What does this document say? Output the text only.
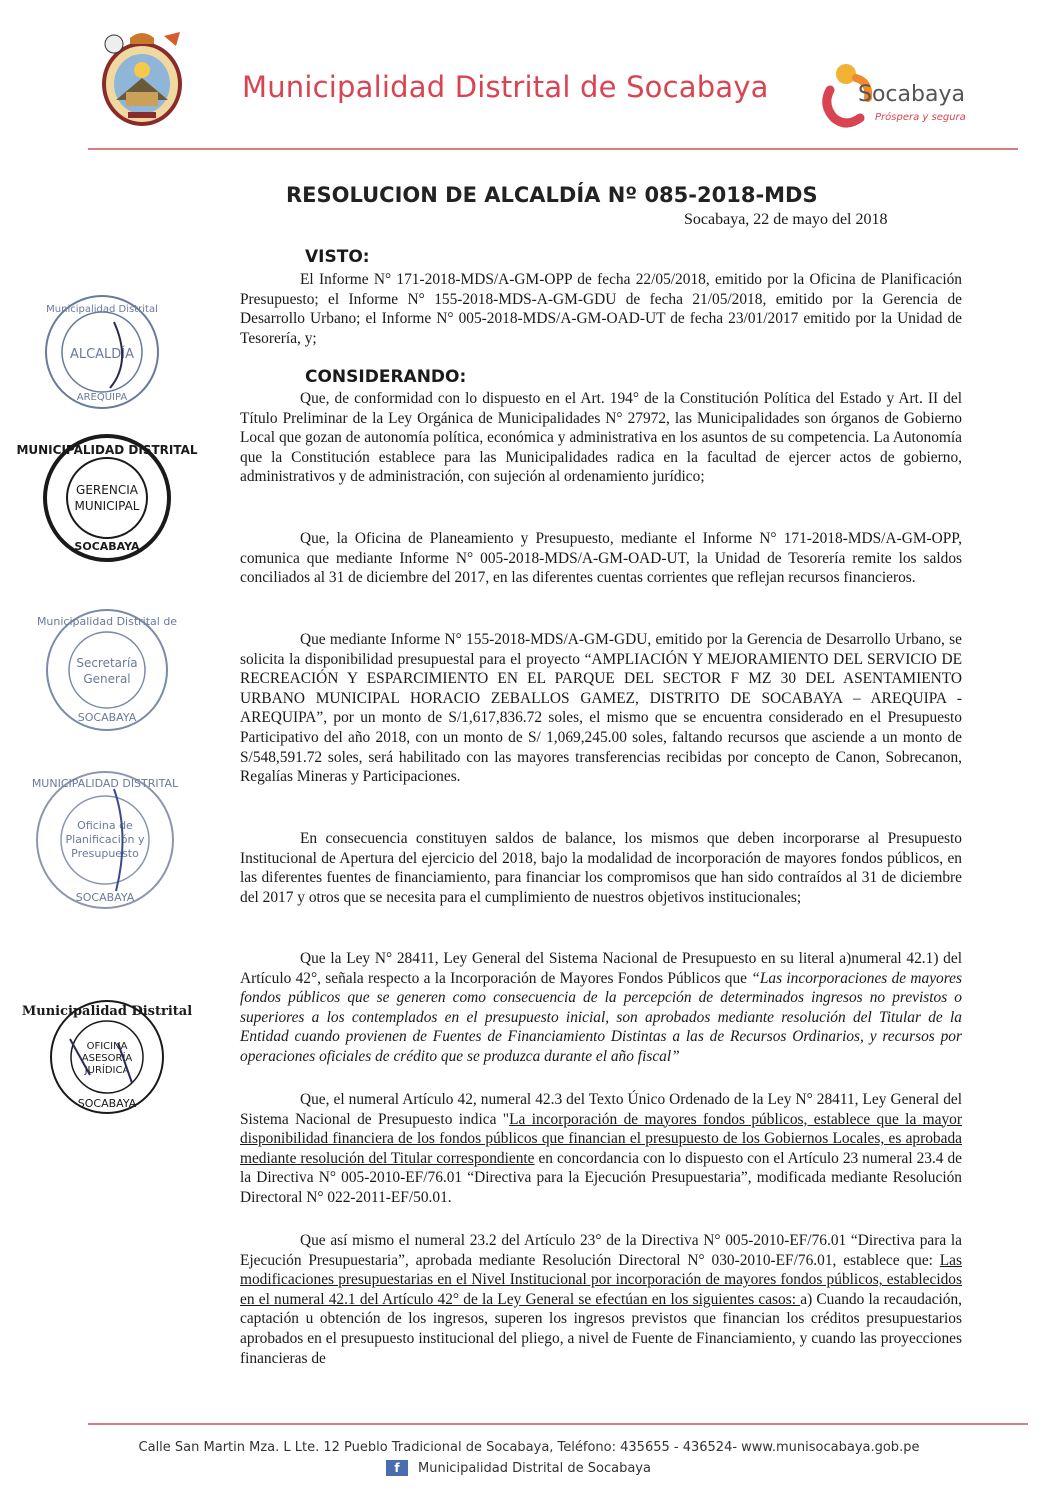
Municipalidad Distrital de Socabaya	Socabaya
Próspera y segura
RESOLUCION DE ALCALDÍA Nº 085-2018-MDS
Socabaya, 22 de mayo del 2018
VISTO:

El Informe N° 171-2018-MDS/A-GM-OPP de fecha 22/05/2018, emitido por la Oficina de Planificación Presupuesto; el Informe N° 155-2018-MDS-A-GM-GDU de fecha 21/05/2018, emitido por la Gerencia de Desarrollo Urbano; el Informe N° 005-2018-MDS/A-GM-OAD-UT de fecha 23/01/2017 emitido por la Unidad de Tesorería, y;

CONSIDERANDO:

Que, de conformidad con lo dispuesto en el Art. 194° de la Constitución Política del Estado y Art. II del Título Preliminar de la Ley Orgánica de Municipalidades N° 27972, las Municipalidades son órganos de Gobierno Local que gozan de autonomía política, económica y administrativa en los asuntos de su competencia. La Autonomía que la Constitución establece para las Municipalidades radica en la facultad de ejercer actos de gobierno, administrativos y de administración, con sujeción al ordenamiento jurídico;

Que, la Oficina de Planeamiento y Presupuesto, mediante el Informe N° 171-2018-MDS/A-GM-OPP, comunica que mediante Informe N° 005-2018-MDS/A-GM-OAD-UT, la Unidad de Tesorería remite los saldos conciliados al 31 de diciembre del 2017, en las diferentes cuentas corrientes que reflejan recursos financieros.

Que mediante Informe N° 155-2018-MDS/A-GM-GDU, emitido por la Gerencia de Desarrollo Urbano, se solicita la disponibilidad presupuestal para el proyecto “AMPLIACIÓN Y MEJORAMIENTO DEL SERVICIO DE RECREACIÓN Y ESPARCIMIENTO EN EL PARQUE DEL SECTOR F MZ 30 DEL ASENTAMIENTO URBANO MUNICIPAL HORACIO ZEBALLOS GAMEZ, DISTRITO DE SOCABAYA – AREQUIPA -AREQUIPA”, por un monto de S/1,617,836.72 soles, el mismo que se encuentra considerado en el Presupuesto Participativo del año 2018, con un monto de S/ 1,069,245.00 soles, faltando recursos que asciende a un monto de S/548,591.72 soles, será habilitado con las mayores transferencias recibidas por concepto de Canon, Sobrecanon, Regalías Mineras y Participaciones.

En consecuencia constituyen saldos de balance, los mismos que deben incorporarse al Presupuesto Institucional de Apertura del ejercicio del 2018, bajo la modalidad de incorporación de mayores fondos públicos, en las diferentes fuentes de financiamiento, para financiar los compromisos que han sido contraídos al 31 de diciembre del 2017 y otros que se necesita para el cumplimiento de nuestros objetivos institucionales;

Que la Ley N° 28411, Ley General del Sistema Nacional de Presupuesto en su literal a)numeral 42.1) del Artículo 42°, señala respecto a la Incorporación de Mayores Fondos Públicos que “Las incorporaciones de mayores fondos públicos que se generen como consecuencia de la percepción de determinados ingresos no previstos o superiores a los contemplados en el presupuesto inicial, son aprobados mediante resolución del Titular de la Entidad cuando provienen de Fuentes de Financiamiento Distintas a las de Recursos Ordinarios, y recursos por operaciones oficiales de crédito que se produzca durante el año fiscal”

Que, el numeral Artículo 42, numeral 42.3 del Texto Único Ordenado de la Ley N° 28411, Ley General del Sistema Nacional de Presupuesto indica "La incorporación de mayores fondos públicos, establece que la mayor disponibilidad financiera de los fondos públicos que financian el presupuesto de los Gobiernos Locales, es aprobada mediante resolución del Titular correspondiente en concordancia con lo dispuesto con el Artículo 23 numeral 23.4 de la Directiva N° 005-2010-EF/76.01 “Directiva para la Ejecución Presupuestaria”, modificada mediante Resolución Directoral N° 022-2011-EF/50.01.

Que así mismo el numeral 23.2 del Artículo 23° de la Directiva N° 005-2010-EF/76.01 “Directiva para la Ejecución Presupuestaria”, aprobada mediante Resolución Directoral N° 030-2010-EF/76.01, establece que: Las modificaciones presupuestarias en el Nivel Institucional por incorporación de mayores fondos públicos, establecidos en el numeral 42.1 del Artículo 42° de la Ley General se efectúan en los siguientes casos: a) Cuando la recaudación, captación u obtención de los ingresos, superen los ingresos previstos que financian los créditos presupuestarios aprobados en el presupuesto institucional del pliego, a nivel de Fuente de Financiamiento, y cuando las proyecciones financieras de

Municipalidad Distrital
ALCALDÍA
AREQUIPA
MUNICIPALIDAD DISTRITAL
GERENCIA
MUNICIPAL
SOCABAYA
Municipalidad Distrital de
Secretaría
General
SOCABAYA
MUNICIPALIDAD DISTRITAL
Oficina de
Planificación y
Presupuesto
SOCABAYA
Municipalidad Distrital
OFICINA
ASESORÍA
JURÍDICA
SOCABAYA
Calle San Martin Mza. L Lte. 12 Pueblo Tradicional de Socabaya, Teléfono: 435655 - 436524- www.munisocabaya.gob.pe
f Municipalidad Distrital de Socabaya
